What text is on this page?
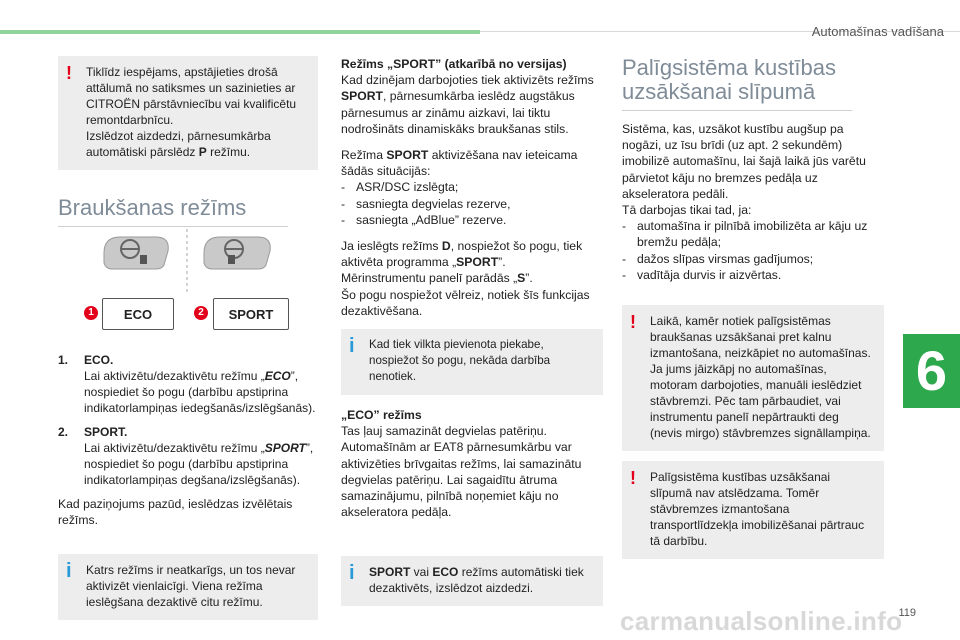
Automašīnas vadīšana
! Tiklīdz iespējams, apstājieties drošā attālumā no satiksmes un sazinieties ar CITROËN pārstāvniecību vai kvalificētu remontdarbnīcu.

Izslēdzot aizdedzi, pārnesumkārba automātiski pārslēdz P režīmu.

Braukšanas režīms
ECO	SPORT
1	2
1. ECO.
Lai aktivizētu/dezaktivētu režīmu „ECO”, nospiediet šo pogu (darbību apstiprina indikatorlampiņas iedegšanās/izslēgšanās).
2. SPORT.
Lai aktivizētu/dezaktivētu režīmu „SPORT”, nospiediet šo pogu (darbību apstiprina indikatorlampiņas degšana/izslēgšanās).

Kad paziņojums pazūd, ieslēdzas izvēlētais režīms.

i Katrs režīms ir neatkarīgs, un tos nevar aktivizēt vienlaicīgi. Viena režīma ieslēgšana dezaktivē citu režīmu.

Režīms „SPORT” (atkarībā no versijas)

Kad dzinējam darbojoties tiek aktivizēts režīms SPORT, pārnesumkārba ieslēdz augstākus pārnesumus ar zināmu aizkavi, lai tiktu nodrošināts dinamiskāks braukšanas stils.

Režīma SPORT aktivizēšana nav ieteicama šādās situācijās:

- ASR/DSC izslēgta;
- sasniegta degvielas rezerve,
- sasniegta „AdBlue” rezerve.

Ja ieslēgts režīms D, nospiežot šo pogu, tiek aktivēta programma „SPORT”.

Mērinstrumentu panelī parādās „S”.

Šo pogu nospiežot vēlreiz, notiek šīs funkcijas dezaktivēšana.

i Kad tiek vilkta pievienota piekabe, nospiežot šo pogu, nekāda darbība nenotiek.

„ECO” režīms

Tas ļauj samazināt degvielas patēriņu. Automašīnām ar EAT8 pārnesumkārbu var aktivizēties brīvgaitas režīms, lai samazinātu degvielas patēriņu. Lai sagaidītu ātruma samazinājumu, pilnībā noņemiet kāju no akseleratora pedāļa.

i SPORT vai ECO režīms automātiski tiek dezaktivēts, izslēdzot aizdedzi.

Palīgsistēma kustības
uzsākšanai slīpumā

Sistēma, kas, uzsākot kustību augšup pa nogāzi, uz īsu brīdi (uz apt. 2 sekundēm) imobilizē automašīnu, lai šajā laikā jūs varētu pārvietot kāju no bremzes pedāļa uz akseleratora pedāli.

Tā darbojas tikai tad, ja:

- automašīna ir pilnībā imobilizēta ar kāju uz bremžu pedāļa;
- dažos slīpas virsmas gadījumos;
- vadītāja durvis ir aizvērtas.
! Laikā, kamēr notiek palīgsistēmas braukšanas uzsākšanai pret kalnu izmantošana, neizkāpiet no automašīnas. Ja jums jāizkāpj no automašīnas, motoram darbojoties, manuāli ieslēdziet stāvbremzi. Pēc tam pārbaudiet, vai instrumentu panelī nepārtraukti deg (nevis mirgo) stāvbremzes signāllampiņa.

! Palīgsistēma kustības uzsākšanai slīpumā nav atslēdzama. Tomēr stāvbremzes izmantošana transportlīdzekļa imobilizēšanai pārtrauc tā darbību.

6
carmanualsonline.info
119
